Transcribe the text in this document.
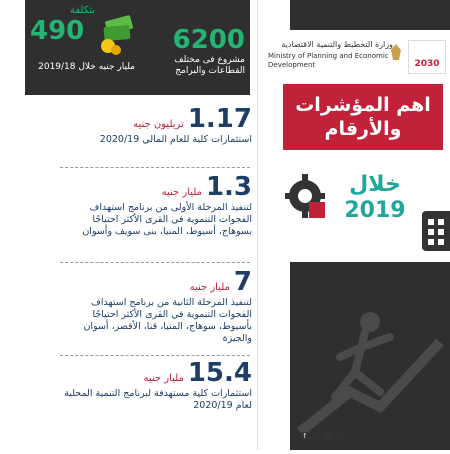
6200
مشروع فى مختلف القطاعات والبرامج
بتكلفة
490
مليار جنيه خلال 2019/18
وزارة التخطيط والتنمية الاقتصادية
Ministry of Planning and Economic Development	2030
اهم المؤشرات والأرقام
خلال
2019
تريليون جنيه 1.17
استثمارات كلية للعام المالي 2020/19
مليار جنيه 1.3
لتنفيذ المرحلة الأولى من برنامج استهداف الفجوات التنموية في القرى الأكثر احتياجًا بسوهاج، أسيوط، المنيا، بنى سويف وأسوان
مليار جنيه 7
لتنفيذ المرحلة الثانية من برنامج استهداف الفجوات التنموية في القرى الأكثر احتياجًا بأسيوط، سوهاج، المنيا، قنا، الأقصر، أسوان والجيزة
مليار جنيه 15.4
استثمارات كلية مستهدفة لبرنامج التنمية المحلية لعام 2020/19
f	MPEDEGYPT
